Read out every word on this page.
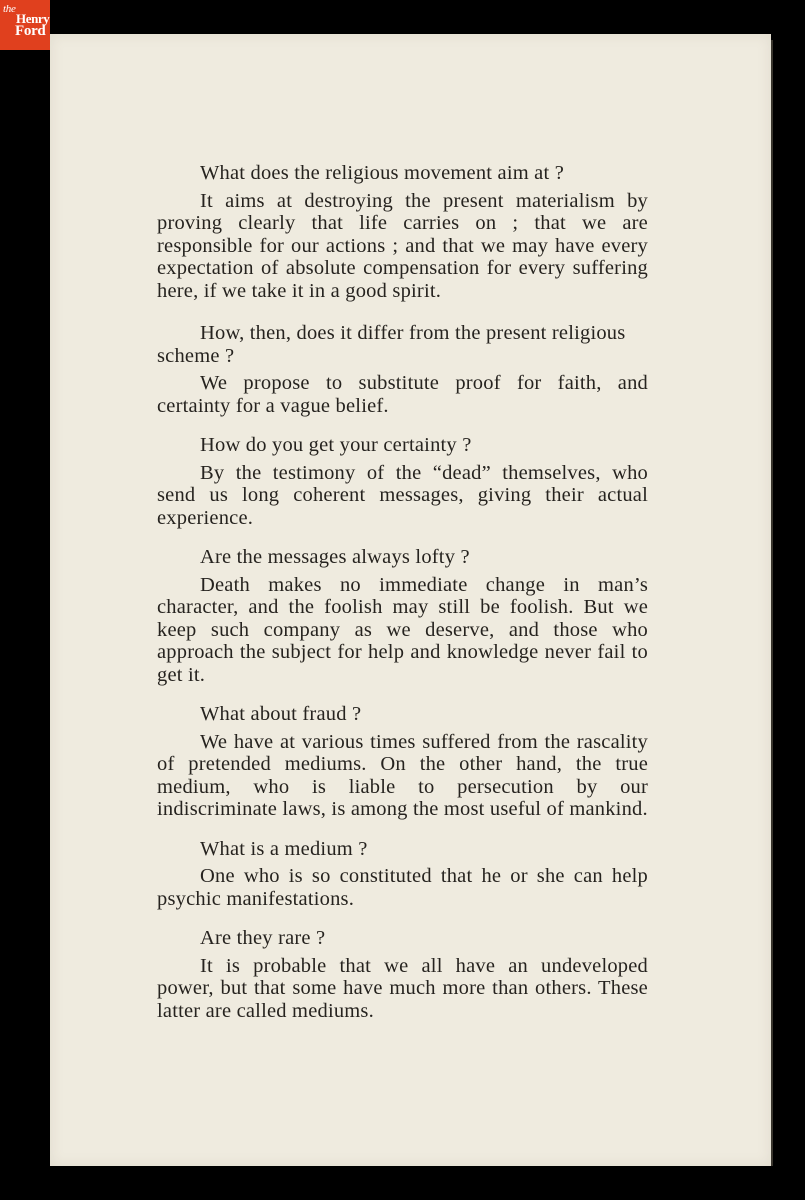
the
Henry
Ford

What does the religious movement aim at ?

It aims at destroying the present materialism by proving clearly that life carries on ; that we are responsible for our actions ; and that we may have every expectation of absolute compensation for every suffering here, if we take it in a good spirit.

How, then, does it differ from the present religious scheme ?

We propose to substitute proof for faith, and certainty for a vague belief.

How do you get your certainty ?

By the testimony of the “dead” themselves, who send us long coherent messages, giving their actual experience.

Are the messages always lofty ?

Death makes no immediate change in man’s character, and the foolish may still be foolish. But we keep such company as we deserve, and those who approach the subject for help and knowledge never fail to get it.

What about fraud ?

We have at various times suffered from the rascality of pretended mediums. On the other hand, the true medium, who is liable to persecution by our indiscriminate laws, is among the most useful of mankind.

What is a medium ?

One who is so constituted that he or she can help psychic manifestations.

Are they rare ?

It is probable that we all have an undeveloped power, but that some have much more than others. These latter are called mediums.
